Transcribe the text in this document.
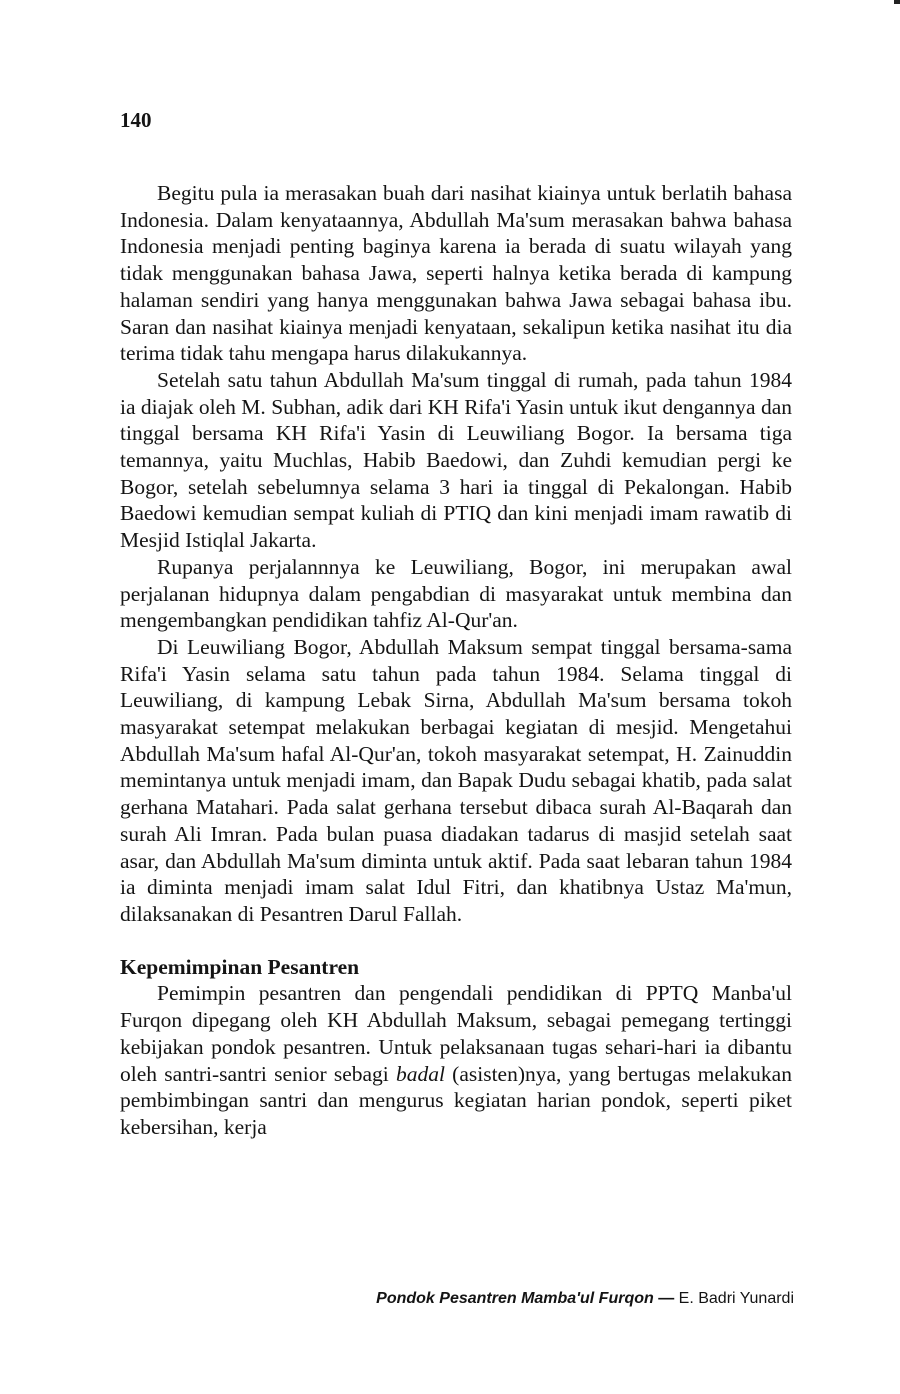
140

Begitu pula ia merasakan buah dari nasihat kiainya untuk berlatih bahasa Indonesia. Dalam kenyataannya, Abdullah Ma'sum merasakan bahwa bahasa Indonesia menjadi penting baginya karena ia berada di suatu wilayah yang tidak menggunakan bahasa Jawa, seperti halnya ketika berada di kampung halaman sendiri yang hanya menggunakan bahwa Jawa sebagai bahasa ibu. Saran dan nasihat kiainya menjadi kenyataan, sekalipun ketika nasihat itu dia terima tidak tahu mengapa harus dilakukannya.

Setelah satu tahun Abdullah Ma'sum tinggal di rumah, pada tahun 1984 ia diajak oleh M. Subhan, adik dari KH Rifa'i Yasin untuk ikut dengannya dan tinggal bersama KH Rifa'i Yasin di Leuwiliang Bogor. Ia bersama tiga temannya, yaitu Muchlas, Habib Baedowi, dan Zuhdi kemudian pergi ke Bogor, setelah sebelumnya selama 3 hari ia tinggal di Pekalongan. Habib Baedowi kemudian sempat kuliah di PTIQ dan kini menjadi imam rawatib di Mesjid Istiqlal Jakarta.

Rupanya perjalannnya ke Leuwiliang, Bogor, ini merupakan awal perjalanan hidupnya dalam pengabdian di masyarakat untuk membina dan mengembangkan pendidikan tahfiz Al-Qur'an.

Di Leuwiliang Bogor, Abdullah Maksum sempat tinggal bersama-sama Rifa'i Yasin selama satu tahun pada tahun 1984. Selama tinggal di Leuwiliang, di kampung Lebak Sirna, Abdullah Ma'sum bersama tokoh masyarakat setempat melakukan berbagai kegiatan di mesjid. Mengetahui Abdullah Ma'sum hafal Al-Qur'an, tokoh masyarakat setempat, H. Zainuddin memintanya untuk menjadi imam, dan Bapak Dudu sebagai khatib, pada salat gerhana Matahari. Pada salat gerhana tersebut dibaca surah Al-Baqarah dan surah Ali Imran. Pada bulan puasa diadakan tadarus di masjid setelah saat asar, dan Abdullah Ma'sum diminta untuk aktif. Pada saat lebaran tahun 1984 ia diminta menjadi imam salat Idul Fitri, dan khatibnya Ustaz Ma'mun, dilaksanakan di Pesantren Darul Fallah.

Kepemimpinan Pesantren

Pemimpin pesantren dan pengendali pendidikan di PPTQ Manba'ul Furqon dipegang oleh KH Abdullah Maksum, sebagai pemegang tertinggi kebijakan pondok pesantren. Untuk pelaksanaan tugas sehari-hari ia dibantu oleh santri-santri senior sebagi badal (asisten)nya, yang bertugas melakukan pembimbingan santri dan mengurus kegiatan harian pondok, seperti piket kebersihan, kerja

Pondok Pesantren Mamba'ul Furqon — E. Badri Yunardi
